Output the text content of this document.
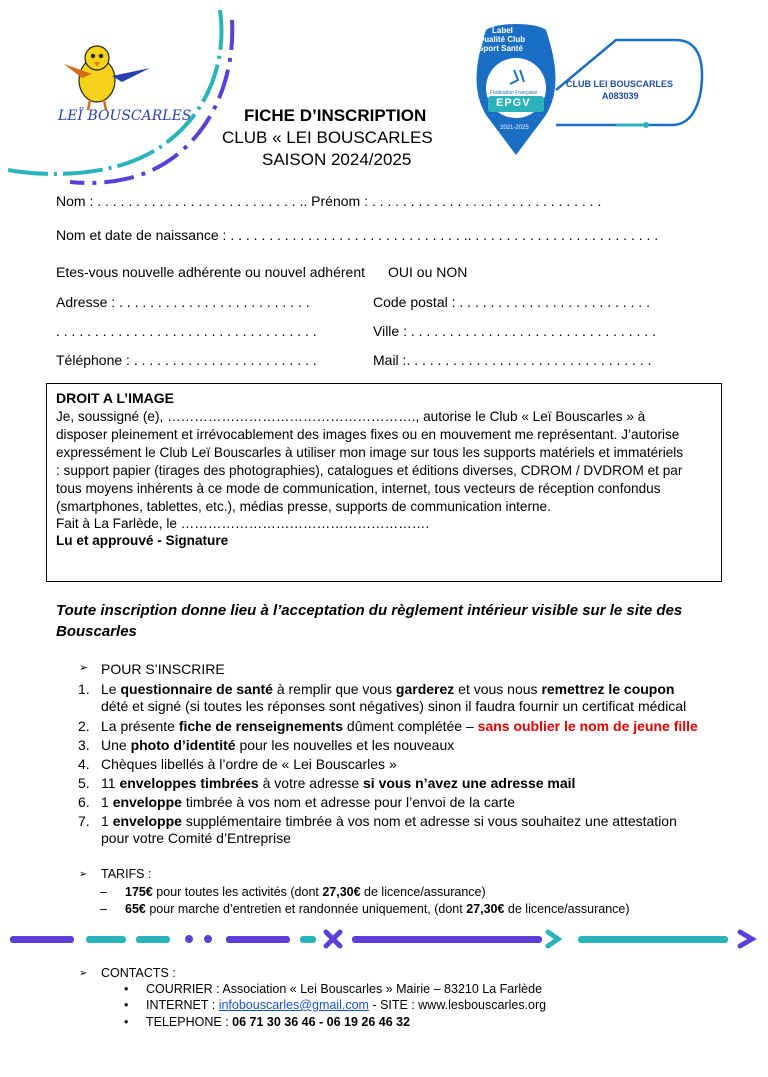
LEÏ BOUSCARLES	FICHE D’INSCRIPTION
CLUB « LEI BOUSCARLES
SAISON 2024/2025
Label
Qualité Club
Sport Santé
Fédération Française
EPGV
2021-2025
CLUB LEI BOUSCARLES
A083039
Nom : . . . . . . . . . . . . . . . . . . . . . . . . . . .. Prénom : . . . . . . . . . . . . . . . . . . . . . . . . . . . . . .
Nom et date de naissance : . . . . . . . . . . . . . . . . . . . . . . . . . . . . . . .. . . . . . . . . . . . . . . . . . . . . . . . .
Etes-vous nouvelle adhérente ou nouvel adhérent OUI ou NON
Adresse : . . . . . . . . . . . . . . . . . . . . . . . . .	Code postal : . . . . . . . . . . . . . . . . . . . . . . . . .
. . . . . . . . . . . . . . . . . . . . . . . . . . . . . . . . . .	Ville : . . . . . . . . . . . . . . . . . . . . . . . . . . . . . . . .
Téléphone : . . . . . . . . . . . . . . . . . . . . . . . .	Mail :. . . . . . . . . . . . . . . . . . . . . . . . . . . . . . . .
DROIT A L’IMAGE
Je, soussigné (e), ………………………………………………., autorise le Club « Leï Bouscarles » à
disposer pleinement et irrévocablement des images fixes ou en mouvement me représentant. J’autorise
expressément le Club Leï Bouscarles à utiliser mon image sur tous les supports matériels et immatériels
: support papier (tirages des photographies), catalogues et éditions diverses, CDROM / DVDROM et par
tous moyens inhérents à ce mode de communication, internet, tous vecteurs de réception confondus
(smartphones, tablettes, etc.), médias presse, supports de communication interne.
Fait à La Farlède, le ……………………………………………….
Lu et approuvé - Signature
Toute inscription donne lieu à l’acceptation du règlement intérieur visible sur le site des
Bouscarles
➢ POUR S’INSCRIRE
1. Le questionnaire de santé à remplir que vous garderez et vous nous remettrez le coupon
dété et signé (si toutes les réponses sont négatives) sinon il faudra fournir un certificat médical
2. La présente fiche de renseignements dûment complétée – sans oublier le nom de jeune fille
3. Une photo d’identité pour les nouvelles et les nouveaux
4. Chèques libellés à l’ordre de « Lei Bouscarles »
5. 11 enveloppes timbrées à votre adresse si vous n’avez une adresse mail
6. 1 enveloppe timbrée à vos nom et adresse pour l’envoi de la carte
7. 1 enveloppe supplémentaire timbrée à vos nom et adresse si vous souhaitez une attestation
pour votre Comité d’Entreprise
➢ TARIFS :
– 175€ pour toutes les activités (dont 27,30€ de licence/assurance)
– 65€ pour marche d’entretien et randonnée uniquement, (dont 27,30€ de licence/assurance)
➢ CONTACTS :
• COURRIER : Association « Lei Bouscarles » Mairie – 83210 La Farlède
• INTERNET : infobouscarles@gmail.com - SITE : www.lesbouscarles.org
• TELEPHONE : 06 71 30 36 46 - 06 19 26 46 32
